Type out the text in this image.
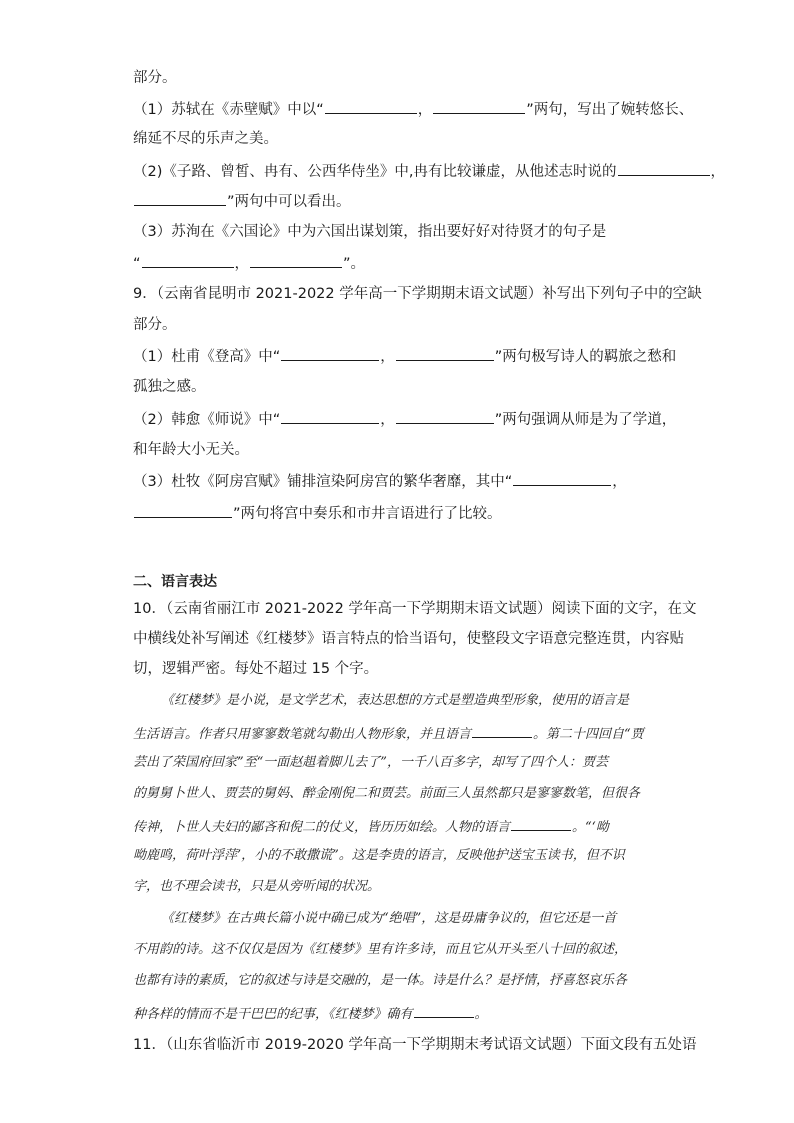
部分。
（1）苏轼在《赤壁赋》中以“	，	”两句，写出了婉转悠长、
绵延不尽的乐声之美。
（2)《子路、曾皙、冉有、公西华侍坐》中,冉有比较谦虚，从他述志时说的	，
”两句中可以看出。
（3）苏洵在《六国论》中为六国出谋划策，指出要好好对待贤才的句子是
“	，	”。
9．（云南省昆明市 2021-2022 学年高一下学期期末语文试题）补写出下列句子中的空缺
部分。
（1）杜甫《登高》中“	，	”两句极写诗人的羁旅之愁和
孤独之感。
（2）韩愈《师说》中“	，	”两句强调从师是为了学道，
和年龄大小无关。
（3）杜牧《阿房宫赋》铺排渲染阿房宫的繁华奢靡，其中“	，
”两句将宫中奏乐和市井言语进行了比较。
二、语言表达
10．（云南省丽江市 2021-2022 学年高一下学期期末语文试题）阅读下面的文字，在文
中横线处补写阐述《红楼梦》语言特点的恰当语句，使整段文字语意完整连贯，内容贴
切，逻辑严密。每处不超过 15 个字。
《红楼梦》是小说，是文学艺术，表达思想的方式是塑造典型形象，使用的语言是
生活语言。作者只用寥寥数笔就勾勒出人物形象，并且语言	。第二十四回自“贾
芸出了荣国府回家”至“一面赵趄着脚儿去了”，一千八百多字，却写了四个人：贾芸
的舅舅卜世人、贾芸的舅妈、醉金刚倪二和贾芸。前面三人虽然都只是寥寥数笔，但很各
传神，卜世人夫妇的鄙吝和倪二的仗义，皆历历如绘。人物的语言	。“‘呦
呦鹿鸣，荷叶浮萍’，小的不敢撒谎”。这是李贵的语言，反映他护送宝玉读书，但不识
字，也不理会读书，只是从旁听闻的状况。
《红楼梦》在古典长篇小说中确已成为“绝唱”，这是毋庸争议的，但它还是一首
不用韵的诗。这不仅仅是因为《红楼梦》里有许多诗，而且它从开头至八十回的叙述，
也都有诗的素质，它的叙述与诗是交融的，是一体。诗是什么？是抒情，抒喜怒哀乐各
种各样的情而不是干巴巴的纪事，《红楼梦》确有	。
11．（山东省临沂市 2019-2020 学年高一下学期期末考试语文试题）下面文段有五处语
